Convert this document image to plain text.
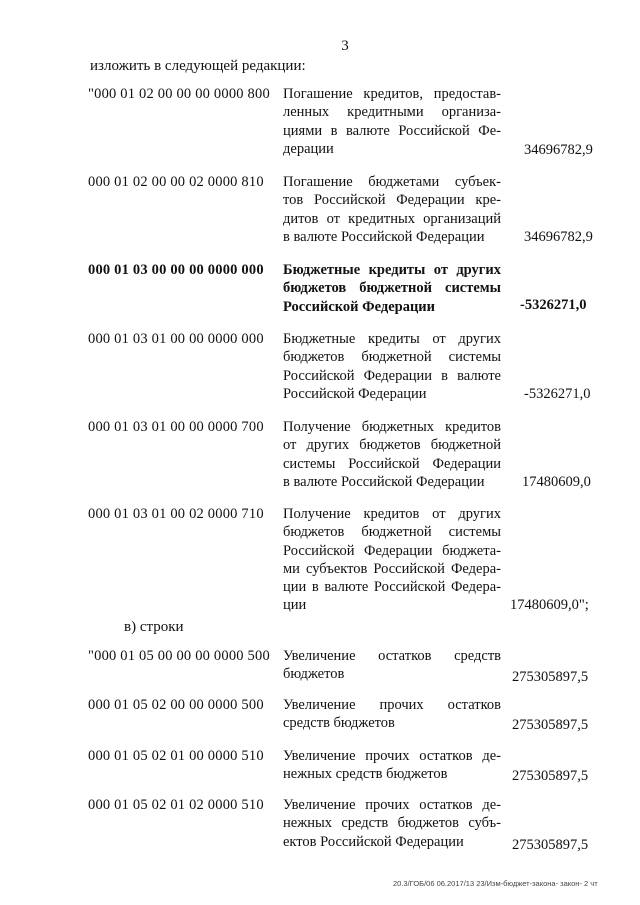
3
изложить в следующей редакции:
"000 01 02 00 00 00 0000 800 Погашение кредитов, предостав-
ленных кредитными организа-
циями в валюте Российской Фе-
дерации	34696782,9
000 01 02 00 00 02 0000 810 Погашение бюджетами субъек-
тов Российской Федерации кре-
дитов от кредитных организаций
в валюте Российской Федерации	34696782,9
000 01 03 00 00 00 0000 000 Бюджетные кредиты от других
бюджетов бюджетной системы
Российской Федерации	-5326271,0
000 01 03 01 00 00 0000 000 Бюджетные кредиты от других
бюджетов бюджетной системы
Российской Федерации в валюте
Российской Федерации	-5326271,0
000 01 03 01 00 00 0000 700 Получение бюджетных кредитов
от других бюджетов бюджетной
системы Российской Федерации
в валюте Российской Федерации	17480609,0
000 01 03 01 00 02 0000 710 Получение кредитов от других
бюджетов бюджетной системы
Российской Федерации бюджета-
ми субъектов Российской Федера-
ции в валюте Российской Федера-
ции	17480609,0";
в) строки
"000 01 05 00 00 00 0000 500 Увеличение остатков средств
бюджетов	275305897,5
000 01 05 02 00 00 0000 500 Увеличение прочих остатков
средств бюджетов	275305897,5
000 01 05 02 01 00 0000 510 Увеличение прочих остатков де-
нежных средств бюджетов	275305897,5
000 01 05 02 01 02 0000 510 Увеличение прочих остатков де-
нежных средств бюджетов субъ-
ектов Российской Федерации	275305897,5
20.3/ГОБ/06 06.2017/13 23/Изм-бюджет-закона- закон- 2 чт
